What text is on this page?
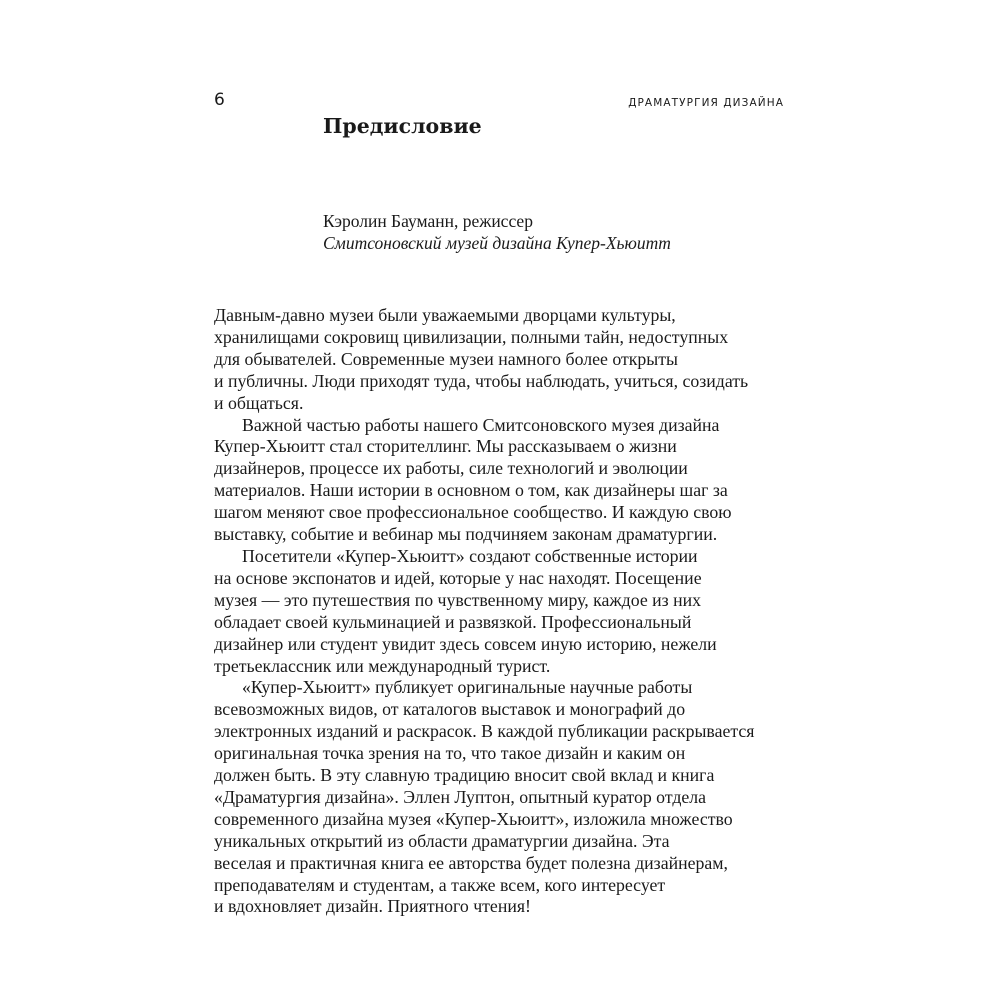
6	ДРАМАТУРГИЯ ДИЗАЙНА

Предисловие

Кэролин Бауманн, режиссер

Смитсоновский музей дизайна Купер-Хьюитт

Давным-давно музеи были уважаемыми дворцами культуры,
хранилищами сокровищ цивилизации, полными тайн, недоступных
для обывателей. Современные музеи намного более открыты
и публичны. Люди приходят туда, чтобы наблюдать, учиться, созидать
и общаться.

Важной частью работы нашего Смитсоновского музея дизайна
Купер-Хьюитт стал сторителлинг. Мы рассказываем о жизни
дизайнеров, процессе их работы, силе технологий и эволюции
материалов. Наши истории в основном о том, как дизайнеры шаг за
шагом меняют свое профессиональное сообщество. И каждую свою
выставку, событие и вебинар мы подчиняем законам драматургии.

Посетители «Купер-Хьюитт» создают собственные истории
на основе экспонатов и идей, которые у нас находят. Посещение
музея — это путешествия по чувственному миру, каждое из них
обладает своей кульминацией и развязкой. Профессиональный
дизайнер или студент увидит здесь совсем иную историю, нежели
третьеклассник или международный турист.

«Купер-Хьюитт» публикует оригинальные научные работы
всевозможных видов, от каталогов выставок и монографий до
электронных изданий и раскрасок. В каждой публикации раскрывается
оригинальная точка зрения на то, что такое дизайн и каким он
должен быть. В эту славную традицию вносит свой вклад и книга
«Драматургия дизайна». Эллен Луптон, опытный куратор отдела
современного дизайна музея «Купер-Хьюитт», изложила множество
уникальных открытий из области драматургии дизайна. Эта
веселая и практичная книга ее авторства будет полезна дизайнерам,
преподавателям и студентам, а также всем, кого интересует
и вдохновляет дизайн. Приятного чтения!
